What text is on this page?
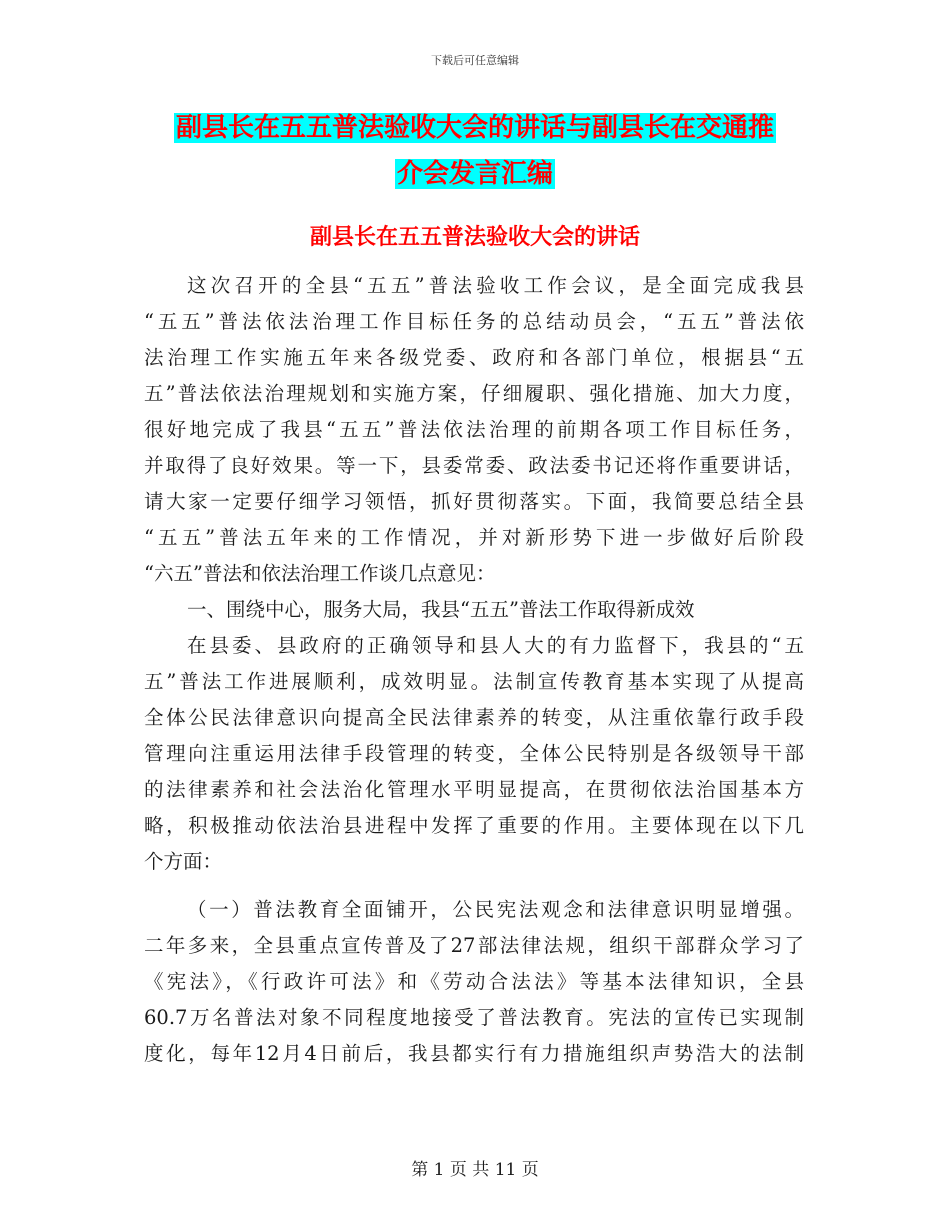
下载后可任意编辑
副县长在五五普法验收大会的讲话与副县长在交通推
介会发言汇编
副县长在五五普法验收大会的讲话
这次召开的全县“五五”普法验收工作会议，是全面完成我县
“五五”普法依法治理工作目标任务的总结动员会，“五五”普法依
法治理工作实施五年来各级党委、政府和各部门单位，根据县“五
五”普法依法治理规划和实施方案，仔细履职、强化措施、加大力度，
很好地完成了我县“五五”普法依法治理的前期各项工作目标任务，
并取得了良好效果。等一下，县委常委、政法委书记还将作重要讲话，
请大家一定要仔细学习领悟，抓好贯彻落实。下面，我简要总结全县
“五五”普法五年来的工作情况，并对新形势下进一步做好后阶段
“六五”普法和依法治理工作谈几点意见：
一、围绕中心，服务大局，我县“五五”普法工作取得新成效
在县委、县政府的正确领导和县人大的有力监督下，我县的“五
五”普法工作进展顺利，成效明显。法制宣传教育基本实现了从提高
全体公民法律意识向提高全民法律素养的转变，从注重依靠行政手段
管理向注重运用法律手段管理的转变，全体公民特别是各级领导干部
的法律素养和社会法治化管理水平明显提高，在贯彻依法治国基本方
略，积极推动依法治县进程中发挥了重要的作用。主要体现在以下几
个方面：
（一）普法教育全面铺开，公民宪法观念和法律意识明显增强。
二年多来，全县重点宣传普及了27部法律法规，组织干部群众学习了
《宪法》，《行政许可法》和《劳动合法法》等基本法律知识，全县
60.7万名普法对象不同程度地接受了普法教育。宪法的宣传已实现制
度化，每年12月4日前后，我县都实行有力措施组织声势浩大的法制
第 1 页 共 11 页
